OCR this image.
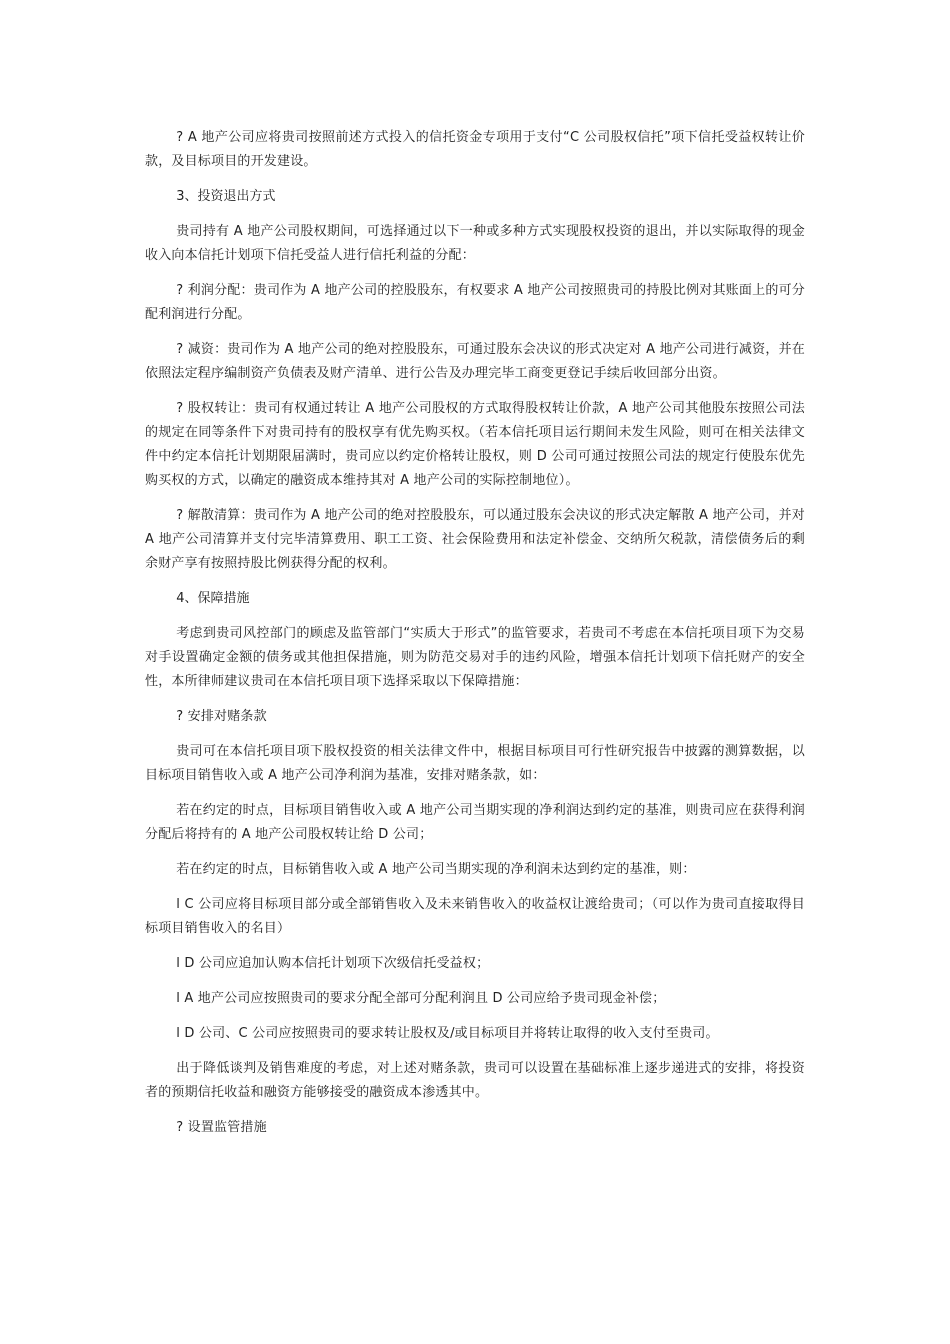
? A 地产公司应将贵司按照前述方式投入的信托资金专项用于支付“C 公司股权信托”项下信托受益权转让价款，及目标项目的开发建设。

3、投资退出方式

贵司持有 A 地产公司股权期间，可选择通过以下一种或多种方式实现股权投资的退出，并以实际取得的现金收入向本信托计划项下信托受益人进行信托利益的分配：

? 利润分配：贵司作为 A 地产公司的控股股东，有权要求 A 地产公司按照贵司的持股比例对其账面上的可分配利润进行分配。

? 减资：贵司作为 A 地产公司的绝对控股股东，可通过股东会决议的形式决定对 A 地产公司进行减资，并在依照法定程序编制资产负债表及财产清单、进行公告及办理完毕工商变更登记手续后收回部分出资。

? 股权转让：贵司有权通过转让 A 地产公司股权的方式取得股权转让价款，A 地产公司其他股东按照公司法的规定在同等条件下对贵司持有的股权享有优先购买权。（若本信托项目运行期间未发生风险，则可在相关法律文件中约定本信托计划期限届满时，贵司应以约定价格转让股权，则 D 公司可通过按照公司法的规定行使股东优先购买权的方式，以确定的融资成本维持其对 A 地产公司的实际控制地位）。

? 解散清算：贵司作为 A 地产公司的绝对控股股东，可以通过股东会决议的形式决定解散 A 地产公司，并对 A 地产公司清算并支付完毕清算费用、职工工资、社会保险费用和法定补偿金、交纳所欠税款，清偿债务后的剩余财产享有按照持股比例获得分配的权利。

4、保障措施

考虑到贵司风控部门的顾虑及监管部门“实质大于形式”的监管要求，若贵司不考虑在本信托项目项下为交易对手设置确定金额的债务或其他担保措施，则为防范交易对手的违约风险，增强本信托计划项下信托财产的安全性，本所律师建议贵司在本信托项目项下选择采取以下保障措施：

? 安排对赌条款

贵司可在本信托项目项下股权投资的相关法律文件中，根据目标项目可行性研究报告中披露的测算数据，以目标项目销售收入或 A 地产公司净利润为基准，安排对赌条款，如：

若在约定的时点，目标项目销售收入或 A 地产公司当期实现的净利润达到约定的基准，则贵司应在获得利润分配后将持有的 A 地产公司股权转让给 D 公司；

若在约定的时点，目标销售收入或 A 地产公司当期实现的净利润未达到约定的基准，则：

l C 公司应将目标项目部分或全部销售收入及未来销售收入的收益权让渡给贵司；（可以作为贵司直接取得目标项目销售收入的名目）

l D 公司应追加认购本信托计划项下次级信托受益权；

l A 地产公司应按照贵司的要求分配全部可分配利润且 D 公司应给予贵司现金补偿；

l D 公司、C 公司应按照贵司的要求转让股权及/或目标项目并将转让取得的收入支付至贵司。

出于降低谈判及销售难度的考虑，对上述对赌条款，贵司可以设置在基础标准上逐步递进式的安排，将投资者的预期信托收益和融资方能够接受的融资成本渗透其中。

? 设置监管措施
